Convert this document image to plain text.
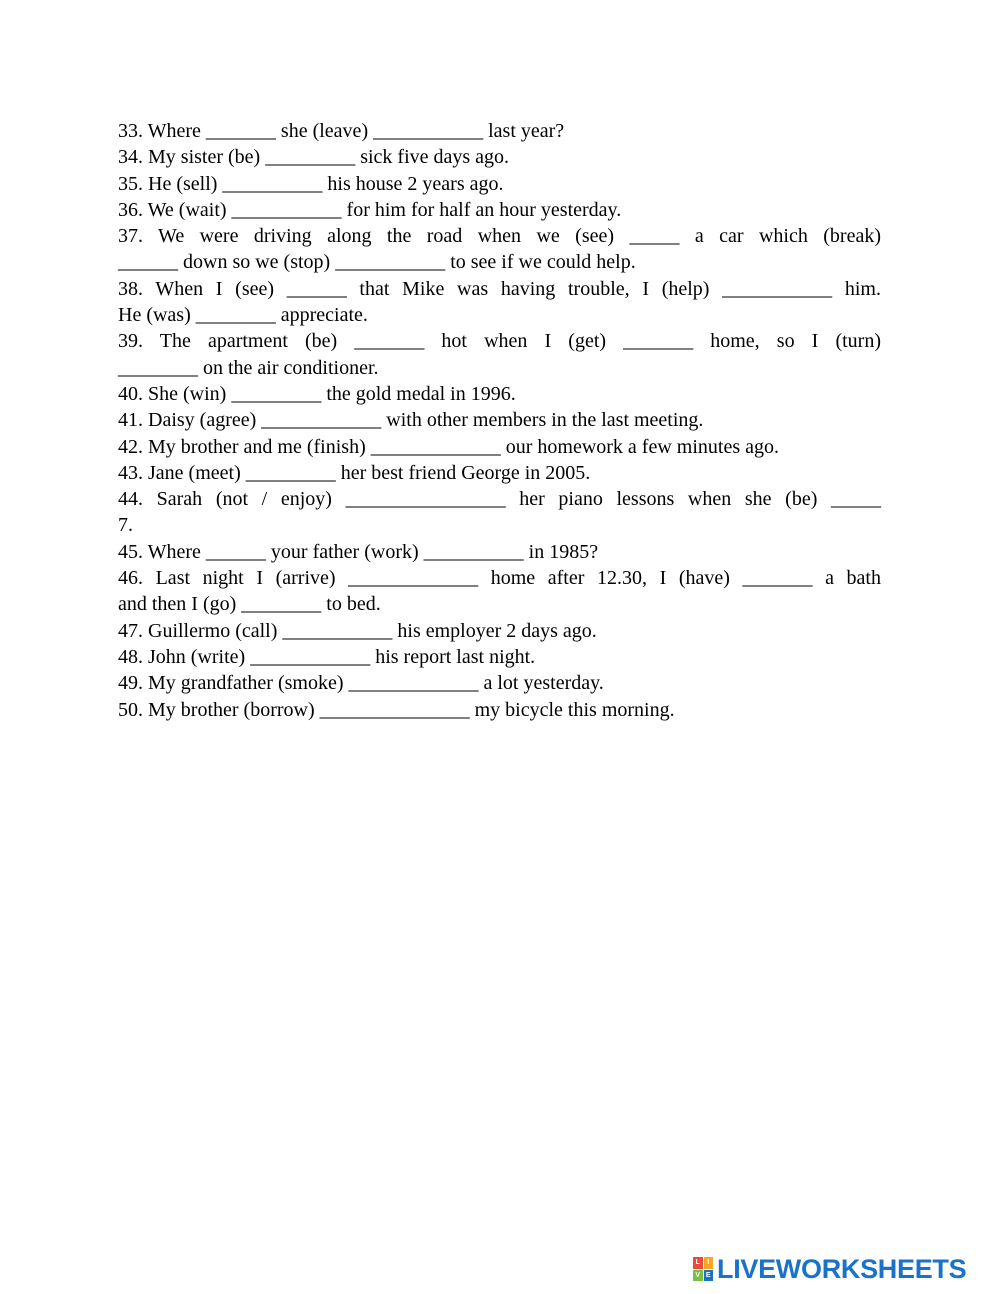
33. Where _______ she (leave) ___________ last year?
34. My sister (be) _________ sick five days ago.
35. He (sell) __________ his house 2 years ago.
36. We (wait) ___________ for him for half an hour yesterday.
37. We were driving along the road when we (see) _____ a car which (break)
______ down so we (stop) ___________ to see if we could help.
38. When I (see) ______ that Mike was having trouble, I (help) ___________ him.
He (was) ________ appreciate.
39. The apartment (be) _______ hot when I (get) _______ home, so I (turn)
________ on the air conditioner.
40. She (win) _________ the gold medal in 1996.
41. Daisy (agree) ____________ with other members in the last meeting.
42. My brother and me (finish) _____________ our homework a few minutes ago.
43. Jane (meet) _________ her best friend George in 2005.
44. Sarah (not / enjoy) ________________ her piano lessons when she (be) _____
7.
45. Where ______ your father (work) __________ in 1985?
46. Last night I (arrive) _____________ home after 12.30, I (have) _______ a bath
and then I (go) ________ to bed.
47. Guillermo (call) ___________ his employer 2 days ago.
48. John (write) ____________ his report last night.
49. My grandfather (smoke) _____________ a lot yesterday.
50. My brother (borrow) _______________ my bicycle this morning.
L	I
V E LIVEWORKSHEETS
